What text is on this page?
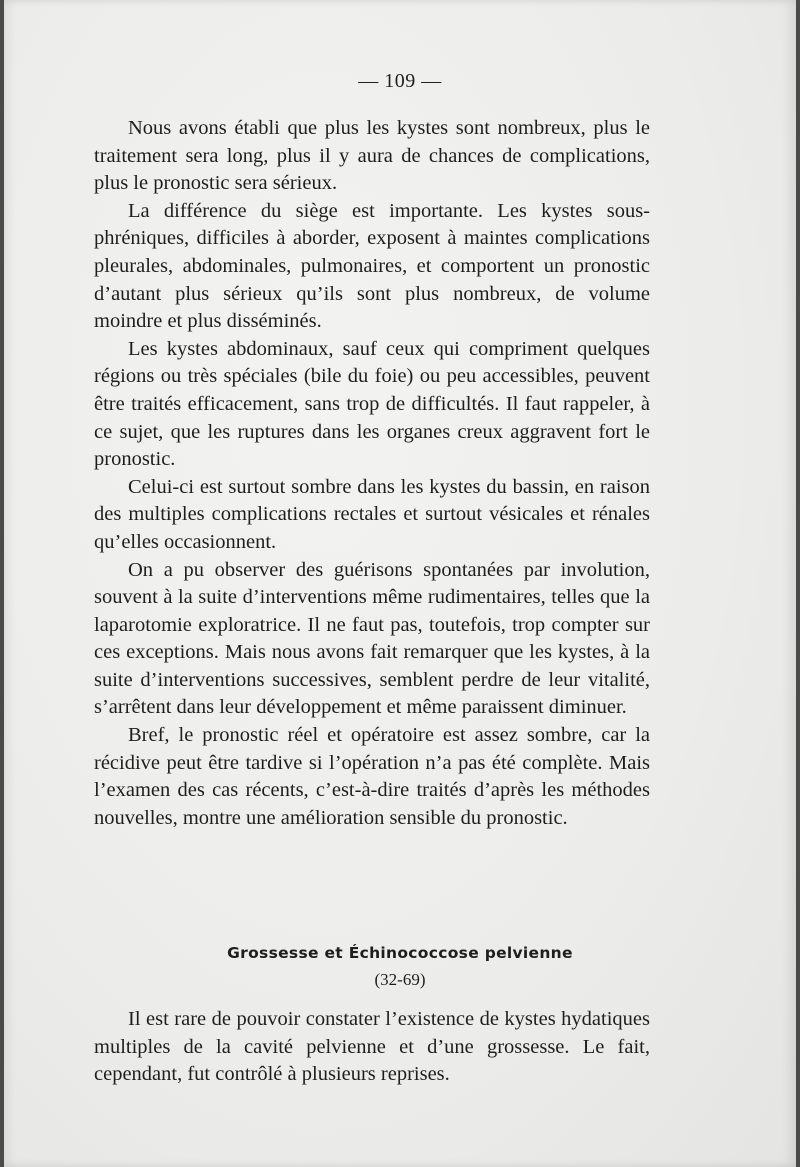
— 109 —

Nous avons établi que plus les kystes sont nombreux, plus le traitement sera long, plus il y aura de chances de complications, plus le pronostic sera sérieux.

La différence du siège est importante. Les kystes sousphréniques, difficiles à aborder, exposent à maintes complications pleurales, abdominales, pulmonaires, et comportent un pronostic d’autant plus sérieux qu’ils sont plus nombreux, de volume moindre et plus disséminés.

Les kystes abdominaux, sauf ceux qui compriment quelques régions ou très spéciales (bile du foie) ou peu accessibles, peuvent être traités efficacement, sans trop de difficultés. Il faut rappeler, à ce sujet, que les ruptures dans les organes creux aggravent fort le pronostic.

Celui-ci est surtout sombre dans les kystes du bassin, en raison des multiples complications rectales et surtout vésicales et rénales qu’elles occasionnent.

On a pu observer des guérisons spontanées par involution, souvent à la suite d’interventions même rudimentaires, telles que la laparotomie exploratrice. Il ne faut pas, toutefois, trop compter sur ces exceptions. Mais nous avons fait remarquer que les kystes, à la suite d’interventions successives, semblent perdre de leur vitalité, s’arrêtent dans leur développement et même paraissent diminuer.

Bref, le pronostic réel et opératoire est assez sombre, car la récidive peut être tardive si l’opération n’a pas été complète. Mais l’examen des cas récents, c’est-à-dire traités d’après les méthodes nouvelles, montre une amélioration sensible du pronostic.

Grossesse et Échinococcose pelvienne
(32-69)

Il est rare de pouvoir constater l’existence de kystes hydatiques multiples de la cavité pelvienne et d’une grossesse. Le fait, cependant, fut contrôlé à plusieurs reprises.
